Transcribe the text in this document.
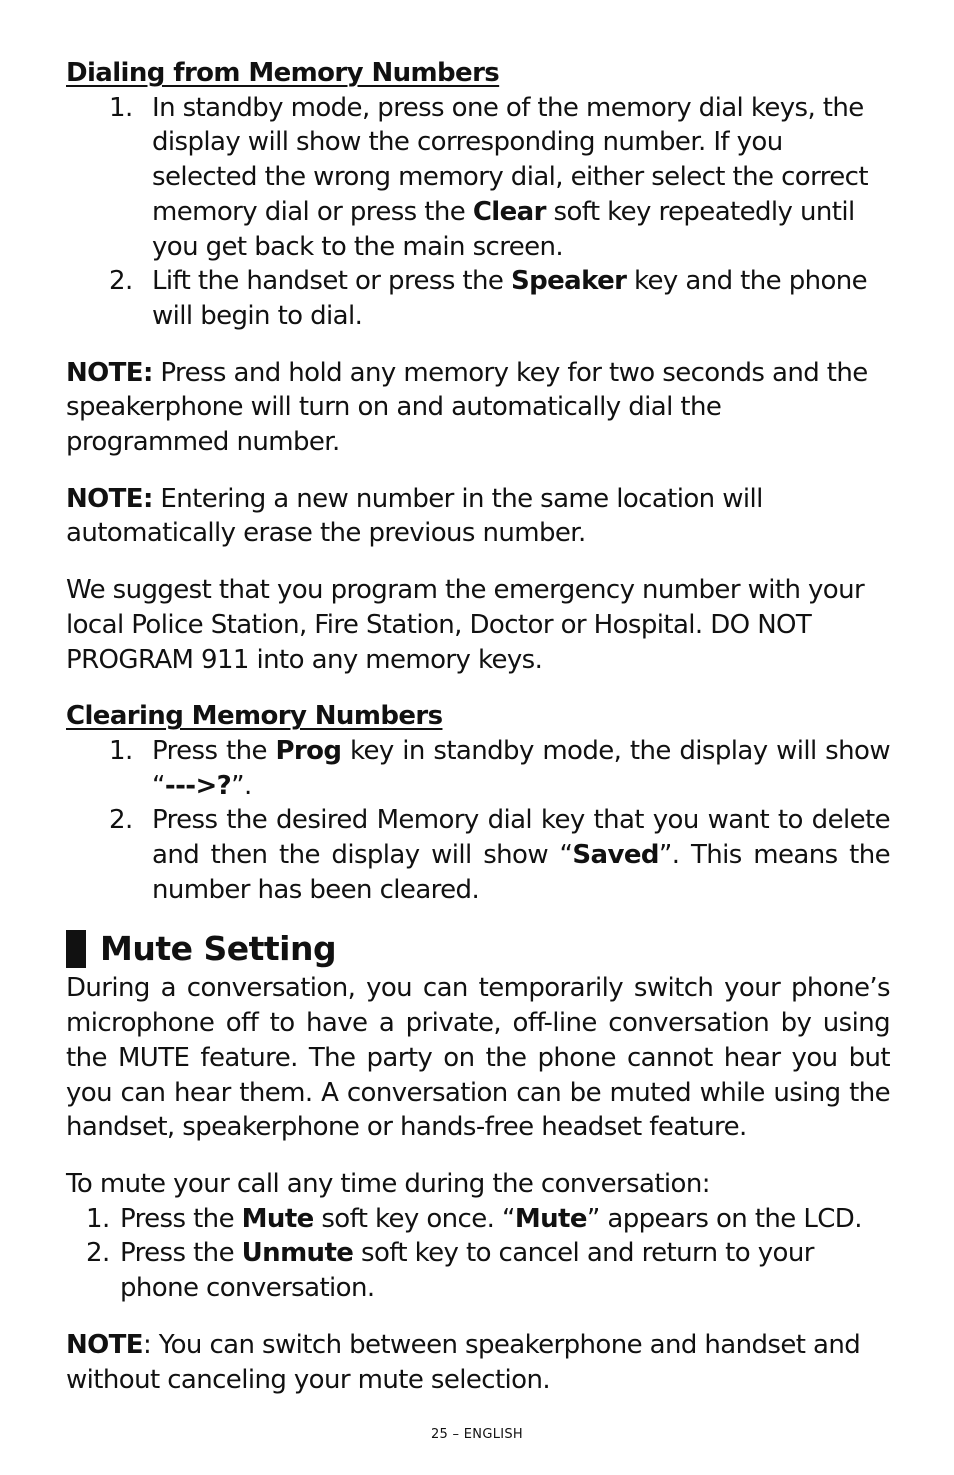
Dialing from Memory Numbers
1. In standby mode, press one of the memory dial keys, the display will show the corresponding number. If you selected the wrong memory dial, either select the correct memory dial or press the Clear soft key repeatedly until you get back to the main screen.
2. Lift the handset or press the Speaker key and the phone will begin to dial.

NOTE: Press and hold any memory key for two seconds and the speakerphone will turn on and automatically dial the programmed number.

NOTE: Entering a new number in the same location will automatically erase the previous number.

We suggest that you program the emergency number with your local Police Station, Fire Station, Doctor or Hospital. DO NOT PROGRAM 911 into any memory keys.

Clearing Memory Numbers
1. Press the Prog key in standby mode, the display will show “--->?”.
2. Press the desired Memory dial key that you want to delete and then the display will show “Saved”. This means the number has been cleared.
Mute Setting

During a conversation, you can temporarily switch your phone’s microphone off to have a private, off-line conversation by using the MUTE feature. The party on the phone cannot hear you but you can hear them. A conversation can be muted while using the handset, speakerphone or hands-free headset feature.

To mute your call any time during the conversation:

1. Press the Mute soft key once. “Mute” appears on the LCD.
2. Press the Unmute soft key to cancel and return to your phone conversation.

NOTE: You can switch between speakerphone and handset and without canceling your mute selection.

25 – ENGLISH
